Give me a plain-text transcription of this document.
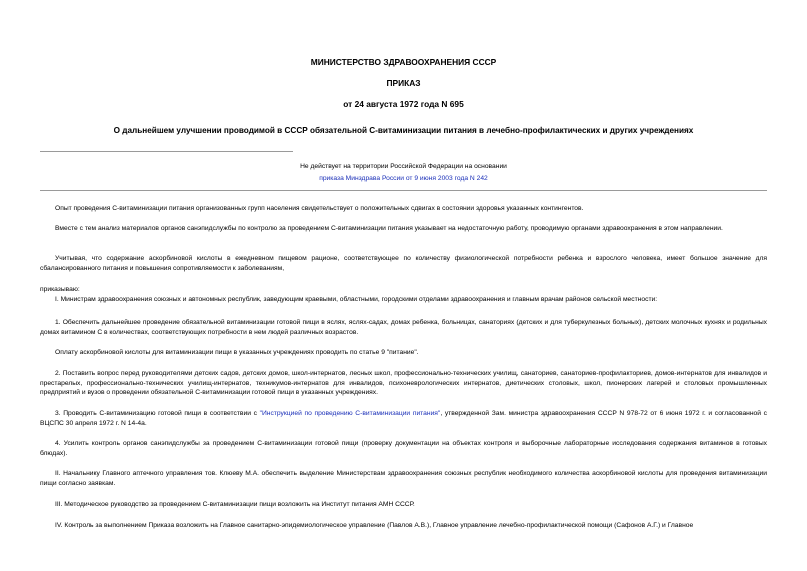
МИНИСТЕРСТВО ЗДРАВООХРАНЕНИЯ СССР
ПРИКАЗ
от 24 августа 1972 года N 695
О дальнейшем улучшении проводимой в СССР обязательной С-витаминизации питания в лечебно-профилактических и других учреждениях
Не действует на территории Российской Федерации на основании
приказа Минздрава России от 9 июня 2003 года N 242
Опыт проведения С-витаминизации питания организованных групп населения свидетельствует о положительных сдвигах в состоянии здоровья указанных контингентов.
Вместе с тем анализ материалов органов санэпидслужбы по контролю за проведением С-витаминизации питания указывает на недостаточную работу, проводимую органами здравоохранения в этом направлении.
Учитывая, что содержание аскорбиновой кислоты в ежедневном пищевом рационе, соответствующее по количеству физиологической потребности ребенка и взрослого человека, имеет большое значение для сбалансированного питания и повышения сопротивляемости к заболеваниям,
приказываю:
I. Министрам здравоохранения союзных и автономных республик, заведующим краевыми, областными, городскими отделами здравоохранения и главным врачам районов сельской местности:
1. Обеспечить дальнейшее проведение обязательной витаминизации готовой пищи в яслях, яслях-садах, домах ребенка, больницах, санаториях (детских и для туберкулезных больных), детских молочных кухнях и родильных домах витамином С в количествах, соответствующих потребности в нем людей различных возрастов.
Оплату аскорбиновой кислоты для витаминизации пищи в указанных учреждениях проводить по статье 9 "питание".
2. Поставить вопрос перед руководителями детских садов, детских домов, школ-интернатов, лесных школ, профессионально-технических училищ, санаториев, санаториев-профилакториев, домов-интернатов для инвалидов и престарелых, профессионально-технических училищ-интернатов, техникумов-интернатов для инвалидов, психоневрологических интернатов, диетических столовых, школ, пионерских лагерей и столовых промышленных предприятий и вузов о проведении обязательной С-витаминизации готовой пищи в указанных учреждениях.
3. Проводить С-витаминизацию готовой пищи в соответствии с "Инструкцией по проведению С-витаминизации питания", утвержденной Зам. министра здравоохранения СССР N 978-72 от 6 июня 1972 г. и согласованной с ВЦСПС 30 апреля 1972 г. N 14-4а.
4. Усилить контроль органов санэпидслужбы за проведением С-витаминизации готовой пищи (проверку документации на объектах контроля и выборочные лабораторные исследования содержания витаминов в готовых блюдах).
II. Начальнику Главного аптечного управления тов. Клюеву М.А. обеспечить выделение Министерствам здравоохранения союзных республик необходимого количества аскорбиновой кислоты для проведения витаминизации пищи согласно заявкам.
III. Методическое руководство за проведением С-витаминизации пищи возложить на Институт питания АМН СССР.
IV. Контроль за выполнением Приказа возложить на Главное санитарно-эпидемиологическое управление (Павлов А.В.), Главное управление лечебно-профилактической помощи (Сафонов А.Г.) и Главное
